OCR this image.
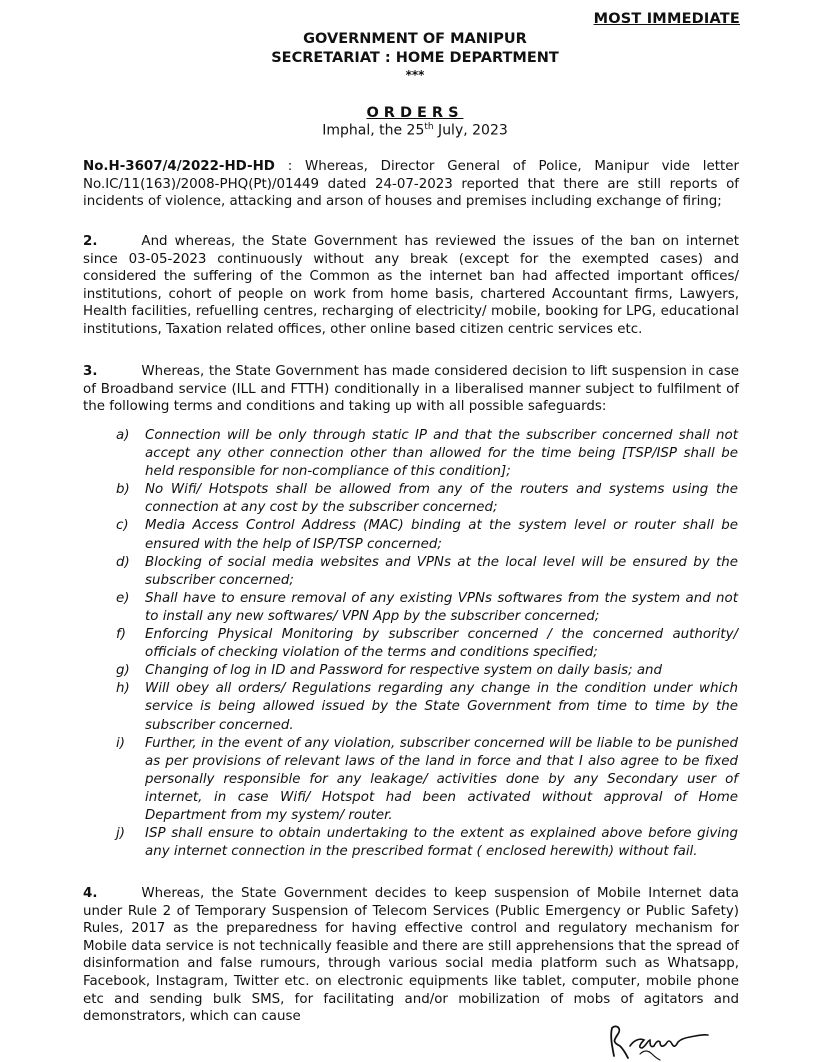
MOST IMMEDIATE
GOVERNMENT OF MANIPUR
SECRETARIAT : HOME DEPARTMENT
***
ORDERS
Imphal, the 25th July, 2023
No.H-3607/4/2022-HD-HD : Whereas, Director General of Police, Manipur vide letter No.IC/11(163)/2008-PHQ(Pt)/01449 dated 24-07-2023 reported that there are still reports of incidents of violence, attacking and arson of houses and premises including exchange of firing;
2.	And whereas, the State Government has reviewed the issues of the ban on internet since 03-05-2023 continuously without any break (except for the exempted cases) and considered the suffering of the Common as the internet ban had affected important offices/ institutions, cohort of people on work from home basis, chartered Accountant firms, Lawyers, Health facilities, refuelling centres, recharging of electricity/ mobile, booking for LPG, educational institutions, Taxation related offices, other online based citizen centric services etc.
3.	Whereas, the State Government has made considered decision to lift suspension in case of Broadband service (ILL and FTTH) conditionally in a liberalised manner subject to fulfilment of the following terms and conditions and taking up with all possible safeguards:
a) Connection will be only through static IP and that the subscriber concerned shall not accept any other connection other than allowed for the time being [TSP/ISP shall be held responsible for non-compliance of this condition];
b) No Wifi/ Hotspots shall be allowed from any of the routers and systems using the connection at any cost by the subscriber concerned;
c) Media Access Control Address (MAC) binding at the system level or router shall be ensured with the help of ISP/TSP concerned;
d) Blocking of social media websites and VPNs at the local level will be ensured by the subscriber concerned;
e) Shall have to ensure removal of any existing VPNs softwares from the system and not to install any new softwares/ VPN App by the subscriber concerned;
f) Enforcing Physical Monitoring by subscriber concerned / the concerned authority/ officials of checking violation of the terms and conditions specified;
g) Changing of log in ID and Password for respective system on daily basis; and
h) Will obey all orders/ Regulations regarding any change in the condition under which service is being allowed issued by the State Government from time to time by the subscriber concerned.
i) Further, in the event of any violation, subscriber concerned will be liable to be punished as per provisions of relevant laws of the land in force and that I also agree to be fixed personally responsible for any leakage/ activities done by any Secondary user of internet, in case Wifi/ Hotspot had been activated without approval of Home Department from my system/ router.
j) ISP shall ensure to obtain undertaking to the extent as explained above before giving any internet connection in the prescribed format ( enclosed herewith) without fail.
4.	Whereas, the State Government decides to keep suspension of Mobile Internet data under Rule 2 of Temporary Suspension of Telecom Services (Public Emergency or Public Safety) Rules, 2017 as the preparedness for having effective control and regulatory mechanism for Mobile data service is not technically feasible and there are still apprehensions that the spread of disinformation and false rumours, through various social media platform such as Whatsapp, Facebook, Instagram, Twitter etc. on electronic equipments like tablet, computer, mobile phone etc and sending bulk SMS, for facilitating and/or mobilization of mobs of agitators and demonstrators, which can cause
